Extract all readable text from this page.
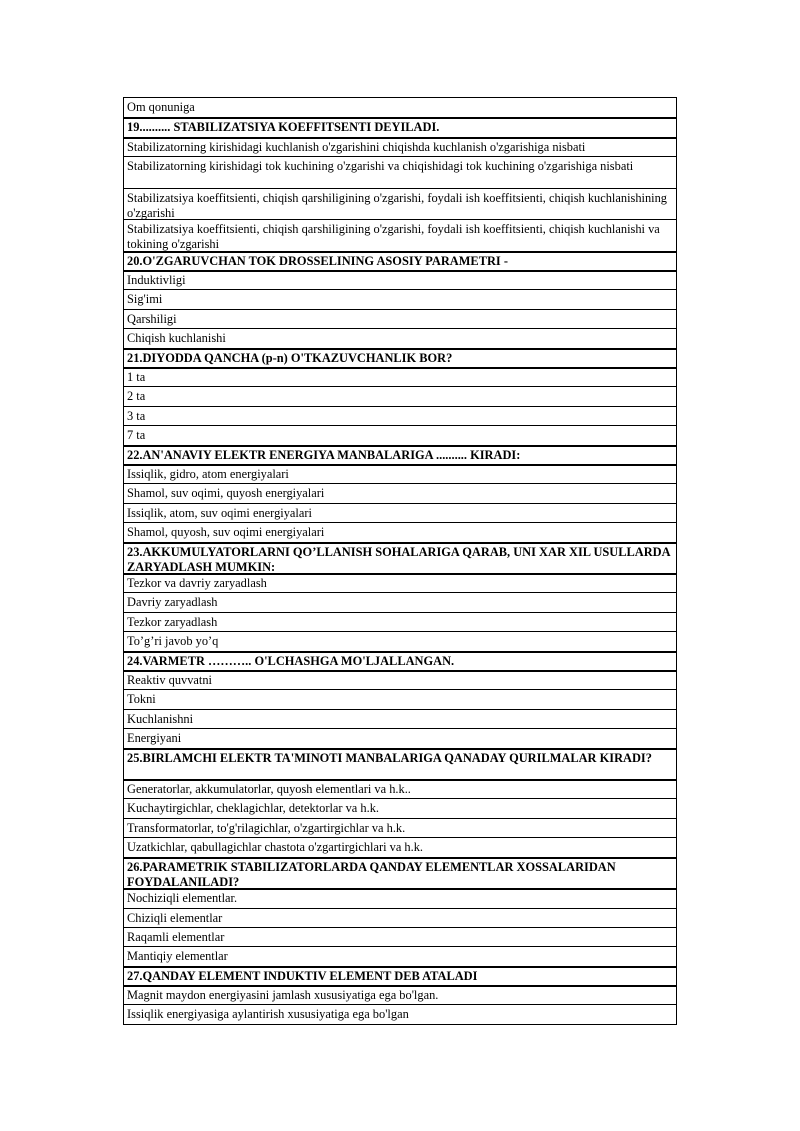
Om qonuniga
19.......... STABILIZATSIYA KOEFFITSENTI DEYILADI.
Stabilizatorning kirishidagi kuchlanish o'zgarishini chiqishda kuchlanish o'zgarishiga nisbati
Stabilizatorning kirishidagi tok kuchining o'zgarishi va chiqishidagi tok kuchining o'zgarishiga nisbati
Stabilizatsiya koeffitsienti, chiqish qarshiligining o'zgarishi, foydali ish koeffitsienti, chiqish kuchlanishining o'zgarishi
Stabilizatsiya koeffitsienti, chiqish qarshiligining o'zgarishi, foydali ish koeffitsienti, chiqish kuchlanishi va tokining o'zgarishi
20.O'ZGARUVCHAN TOK DROSSELINING ASOSIY PARAMETRI -
Induktivligi
Sig'imi
Qarshiligi
Chiqish kuchlanishi
21.DIYODDA QANCHA (p-n) O'TKAZUVCHANLIK BOR?
1 ta
2 ta
3 ta
7 ta
22.AN'ANAVIY ELEKTR ENERGIYA MANBALARIGA .......... KIRADI:
Issiqlik, gidro, atom energiyalari
Shamol, suv oqimi, quyosh energiyalari
Issiqlik, atom, suv oqimi energiyalari
Shamol, quyosh, suv oqimi energiyalari
23.AKKUMULYATORLARNI QO’LLANISH SOHALARIGA QARAB, UNI XAR XIL USULLARDA ZARYADLASH MUMKIN:
Tezkor va davriy zaryadlash
Davriy zaryadlash
Tezkor zaryadlash
To’g’ri javob yo’q
24.VARMETR ……….. O'LCHASHGA MO'LJALLANGAN.
Reaktiv quvvatni
Tokni
Kuchlanishni
Energiyani
25.BIRLAMCHI ELEKTR TA'MINOTI MANBALARIGA QANADAY QURILMALAR KIRADI?
Generatorlar, akkumulatorlar, quyosh elementlari va h.k..
Kuchaytirgichlar, cheklagichlar, detektorlar va h.k.
Transformatorlar, to'g'rilagichlar, o'zgartirgichlar va h.k.
Uzatkichlar, qabullagichlar chastota o'zgartirgichlari va h.k.
26.PARAMETRIK STABILIZATORLARDA QANDAY ELEMENTLAR XOSSALARIDAN FOYDALANILADI?
Nochiziqli elementlar.
Chiziqli elementlar
Raqamli elementlar
Mantiqiy elementlar
27.QANDAY ELEMENT INDUKTIV ELEMENT DEB ATALADI
Magnit maydon energiyasini jamlash xususiyatiga ega bo'lgan.
Issiqlik energiyasiga aylantirish xususiyatiga ega bo'lgan
